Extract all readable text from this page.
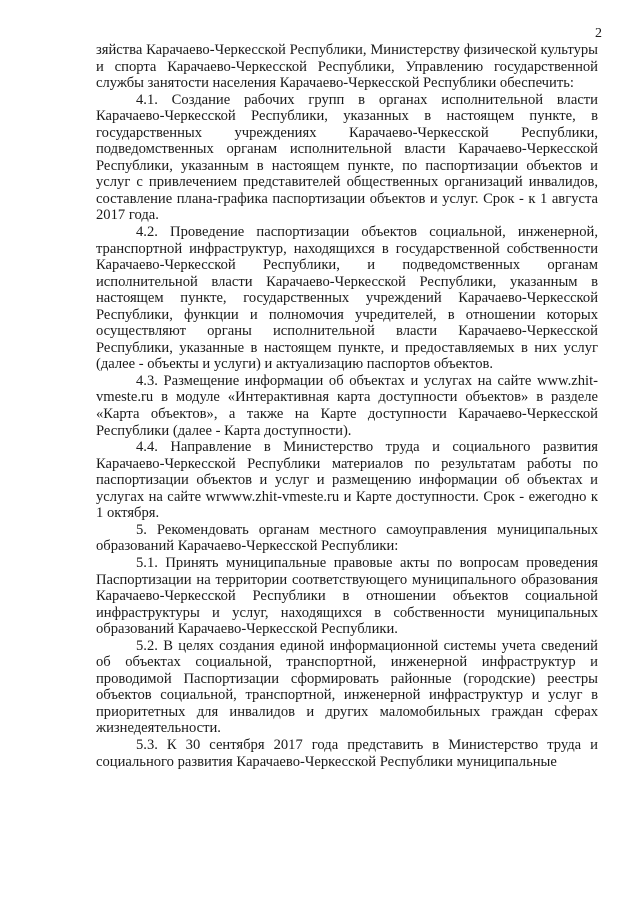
2

зяйства Карачаево-Черкесской Республики, Министерству физической культуры и спорта Карачаево-Черкесской Республики, Управлению государственной службы занятости населения Карачаево-Черкесской Республики обеспечить:

4.1. Создание рабочих групп в органах исполнительной власти Карачаево-Черкесской Республики, указанных в настоящем пункте, в государственных учреждениях Карачаево-Черкесской Республики, подведомственных органам исполнительной власти Карачаево-Черкесской Республики, указанным в настоящем пункте, по паспортизации объектов и услуг с привлечением представителей общественных организаций инвалидов, составление плана-графика паспортизации объектов и услуг. Срок - к 1 августа 2017 года.

4.2. Проведение паспортизации объектов социальной, инженерной, транспортной инфраструктур, находящихся в государственной собственности Карачаево-Черкесской Республики, и подведомственных органам исполнительной власти Карачаево-Черкесской Республики, указанным в настоящем пункте, государственных учреждений Карачаево-Черкесской Республики, функции и полномочия учредителей, в отношении которых осуществляют органы исполнительной власти Карачаево-Черкесской Республики, указанные в настоящем пункте, и предоставляемых в них услуг (далее - объекты и услуги) и актуализацию паспортов объектов.

4.3. Размещение информации об объектах и услугах на сайте www.zhit-vmeste.ru в модуле «Интерактивная карта доступности объектов» в разделе «Карта объектов», а также на Карте доступности Карачаево-Черкесской Республики (далее - Карта доступности).

4.4. Направление в Министерство труда и социального развития Карачаево-Черкесской Республики материалов по результатам работы по паспортизации объектов и услуг и размещению информации об объектах и услугах на сайте wrwww.zhit-vmeste.ru и Карте доступности. Срок - ежегодно к 1 октября.

5. Рекомендовать органам местного самоуправления муниципальных образований Карачаево-Черкесской Республики:

5.1. Принять муниципальные правовые акты по вопросам проведения Паспортизации на территории соответствующего муниципального образования Карачаево-Черкесской Республики в отношении объектов социальной инфраструктуры и услуг, находящихся в собственности муниципальных образований Карачаево-Черкесской Республики.

5.2. В целях создания единой информационной системы учета сведений об объектах социальной, транспортной, инженерной инфраструктур и проводимой Паспортизации сформировать районные (городские) реестры объектов социальной, транспортной, инженерной инфраструктур и услуг в приоритетных для инвалидов и других маломобильных граждан сферах жизнедеятельности.

5.3. К 30 сентября 2017 года представить в Министерство труда и социального развития Карачаево-Черкесской Республики муниципальные
